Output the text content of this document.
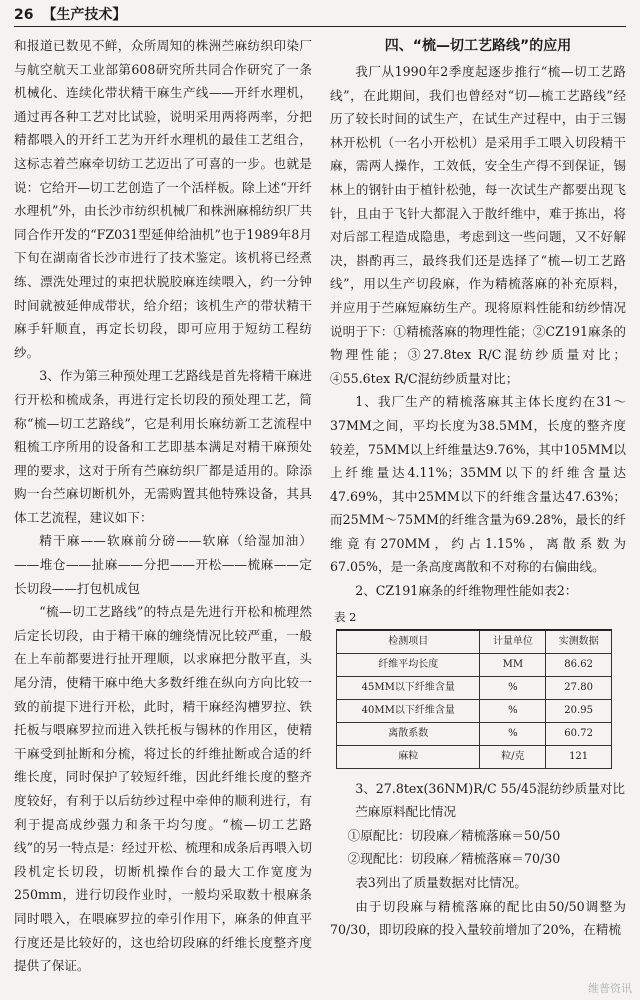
26 【生产技术】

和报道已数见不鲜，众所周知的株洲苎麻纺织印染厂与航空航天工业部第608研究所共同合作研究了一条机械化、连续化带状精干麻生产线——开纤水理机，通过再各种工艺对比试验，说明采用两将两率，分把精都喂入的开纤工艺为开纤水理机的最佳工艺组合，这标志着苎麻牵切纺工艺迈出了可喜的一步。也就是说：它给开—切工艺创造了一个活样板。除上述“开纤水理机”外，由长沙市纺织机械厂和株洲麻棉纺织厂共同合作开发的“FZ031型延伸给油机”也于1989年8月下旬在湖南省长沙市进行了技术鉴定。该机将已经煮练、漂洗处理过的束把状脱胶麻连续喂入，约一分钟时间就被延伸成带状，给介绍；该机生产的带状精干麻手轩顺直，再定长切段，即可应用于短纺工程纺纱。

3、作为第三种预处理工艺路线是首先将精干麻进行开松和梳成条，再进行定长切段的预处理工艺，简称“梳—切工艺路线”，它是利用长麻纺新工艺流程中粗梳工序所用的设备和工艺即基本满足对精干麻预处理的要求，这对于所有苎麻纺织厂都是适用的。除添购一台苎麻切断机外，无需购置其他特殊设备，其具体工艺流程，建议如下：

精干麻——软麻前分磅——软麻（给湿加油）——堆仓——扯麻——分把——开松——梳麻——定长切段——打包机成包

“梳—切工艺路线”的特点是先进行开松和梳理然后定长切段，由于精干麻的缠绕情况比较严重，一般在上车前都要进行扯开理顺，以求麻把分散平直，头尾分清，使精干麻中绝大多数纤维在纵向方向比较一致的前提下进行开松，此时，精干麻经沟槽罗拉、铁托板与喂麻罗拉而进入铁托板与锡林的作用区，使精干麻受到扯断和分梳，将过长的纤维扯断或合适的纤维长度，同时保护了较短纤维，因此纤维长度的整齐度较好，有利于以后纺纱过程中牵伸的顺利进行，有利于提高成纱强力和条干均匀度。“梳—切工艺路线”的另一特点是：经过开松、梳理和成条后再喂入切段机定长切段，切断机操作台的最大工作宽度为250mm，进行切段作业时，一般均采取数十根麻条同时喂入，在喂麻罗拉的牵引作用下，麻条的伸直平行度还是比较好的，这也给切段麻的纤维长度整齐度提供了保证。

四、“梳—切工艺路线”的应用

我厂从1990年2季度起逐步推行“梳—切工艺路线”，在此期间，我们也曾经对“切—梳工艺路线”经历了较长时间的试生产，在试生产过程中，由于三锡林开松机（一名小开松机）是采用手工喂入切段精干麻，需两人操作，工效低，安全生产得不到保证，锡林上的钢针由于植针松弛，每一次试生产都要出现飞针，且由于飞针大都混入于散纤维中，难于拣出，将对后部工程造成隐患，考虑到这一些问题，又不好解决，斟酌再三，最终我们还是选择了“梳—切工艺路线”，用以生产切段麻，作为精梳落麻的补充原料，并应用于苎麻短麻纺生产。现将原料性能和纺纱情况说明于下：①精梳落麻的物理性能；②CZ191麻条的物理性能；③27.8tex R/C混纺纱质量对比；④55.6tex R/C混纺纱质量对比；

1、我厂生产的精梳落麻其主体长度约在31～37MM之间，平均长度为38.5MM，长度的整齐度较差，75MM以上纤维量达9.76%，其中105MM以上纤维量达4.11%；35MM以下的纤维含量达47.69%，其中25MM以下的纤维含量达47.63%；而25MM～75MM的纤维含量为69.28%，最长的纤维竟有270MM，约占1.15%，离散系数为67.05%，是一条高度离散和不对称的右偏曲线。

2、CZ191麻条的纤维物理性能如表2：

表 2
检测项目	计量单位	实测数据
纤维平均长度	MM	86.62
45MM以下纤维含量	%	27.80
40MM以下纤维含量	%	20.95
离散系数	%	60.72
麻粒	粒/克	121

3、27.8tex(36NM)R/C 55/45混纺纱质量对比

苎麻原料配比情况

①原配比：切段麻／精梳落麻＝50/50

②现配比：切段麻／精梳落麻＝70/30

表3列出了质量数据对比情况。

由于切段麻与精梳落麻的配比由50/50调整为70/30，即切段麻的投入量较前增加了20%，在精梳

维普资讯
